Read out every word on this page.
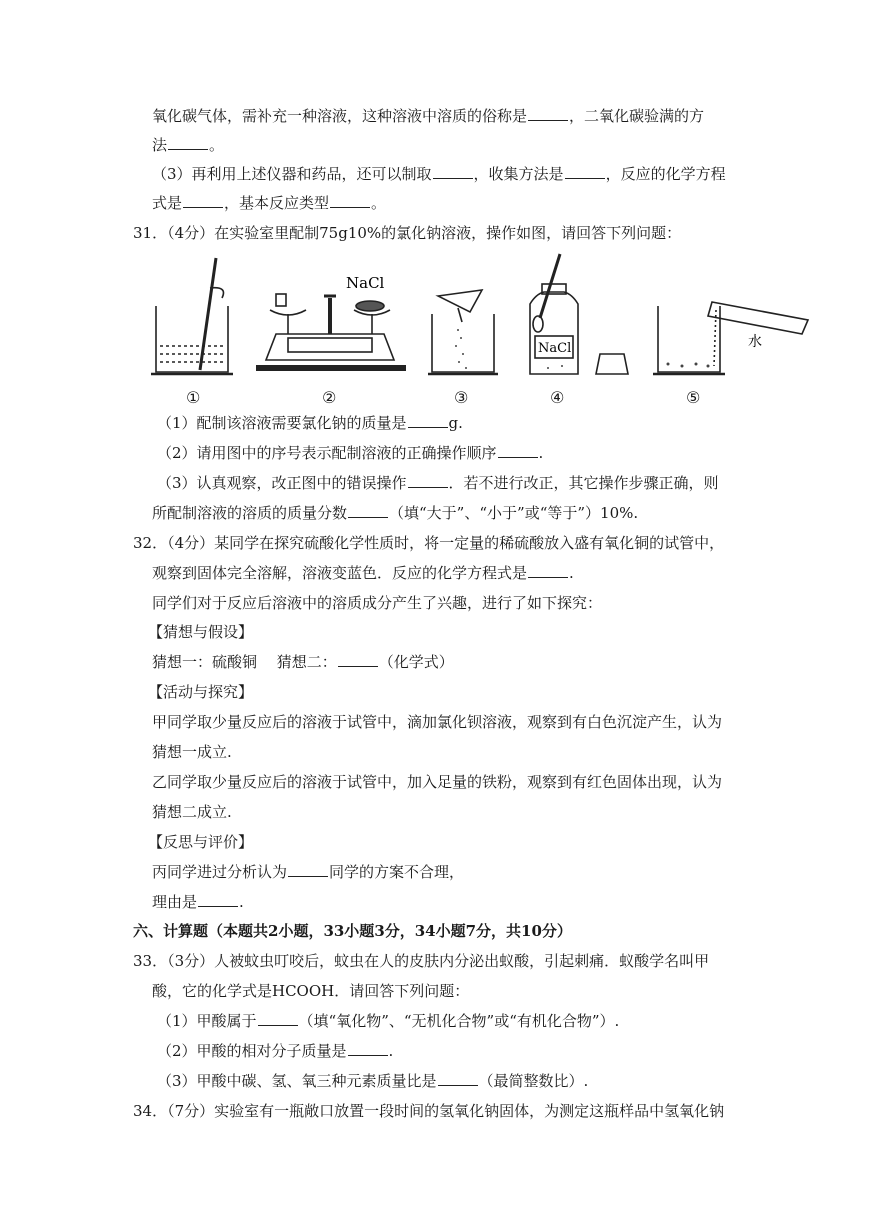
氧化碳气体，需补充一种溶液，这种溶液中溶质的俗称是	，二氧化碳验满的方
法	。
（3）再利用上述仪器和药品，还可以制取	，收集方法是	，反应的化学方程
式是	，基本反应类型	。
31．（4分）在实验室里配制75g10%的氯化钠溶液，操作如图，请回答下列问题：
NaCl
NaCl	水
①	②	③	④	⑤
（1）配制该溶液需要氯化钠的质量是	g.
（2）请用图中的序号表示配制溶液的正确操作顺序	.
（3）认真观察，改正图中的错误操作	．若不进行改正，其它操作步骤正确，则
所配制溶液的溶质的质量分数	（填“大于”、“小于”或“等于”）10%.
32．（4分）某同学在探究硫酸化学性质时，将一定量的稀硫酸放入盛有氧化铜的试管中，
观察到固体完全溶解，溶液变蓝色．反应的化学方程式是	.
同学们对于反应后溶液中的溶质成分产生了兴趣，进行了如下探究：
【猜想与假设】
猜想一：硫酸铜 　猜想二：	（化学式）
【活动与探究】
甲同学取少量反应后的溶液于试管中，滴加氯化钡溶液，观察到有白色沉淀产生，认为
猜想一成立.
乙同学取少量反应后的溶液于试管中，加入足量的铁粉，观察到有红色固体出现，认为
猜想二成立.
【反思与评价】
丙同学进过分析认为	同学的方案不合理，
理由是	.
六、计算题（本题共2小题，33小题3分，34小题7分，共10分）
33．（3分）人被蚊虫叮咬后，蚊虫在人的皮肤内分泌出蚁酸，引起刺痛．蚁酸学名叫甲
酸，它的化学式是HCOOH．请回答下列问题：
（1）甲酸属于	（填“氧化物”、“无机化合物”或“有机化合物”）.
（2）甲酸的相对分子质量是	.
（3）甲酸中碳、氢、氧三种元素质量比是	（最简整数比）.
34．（7分）实验室有一瓶敞口放置一段时间的氢氧化钠固体，为测定这瓶样品中氢氧化钠
